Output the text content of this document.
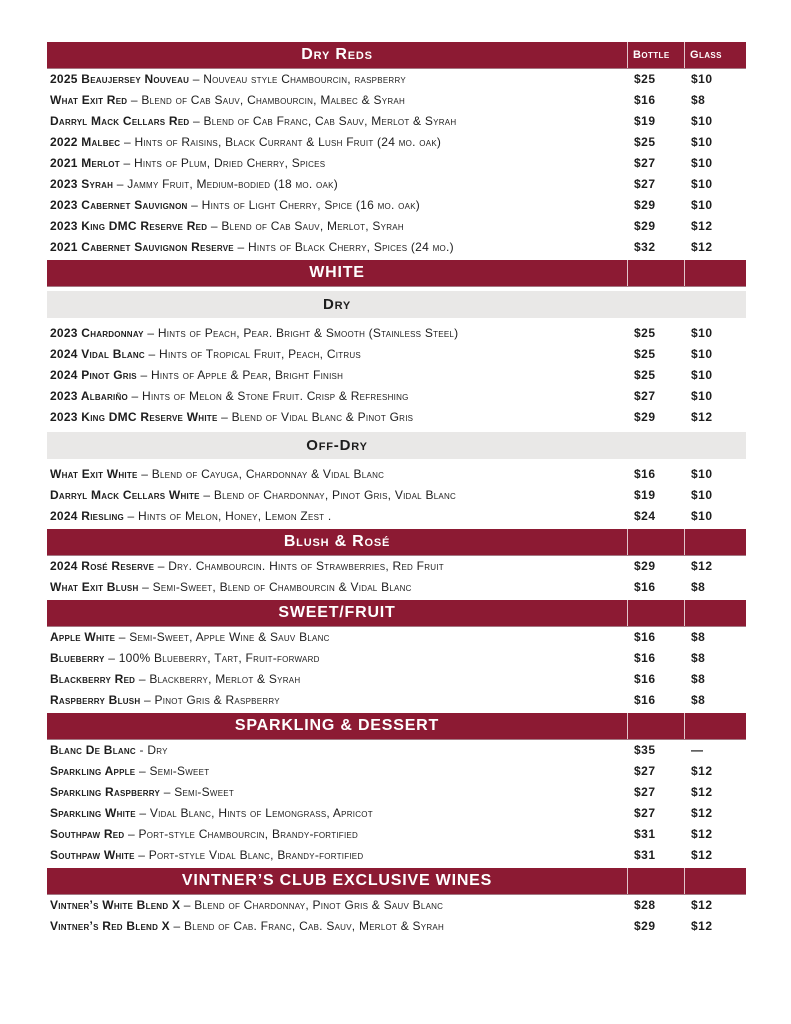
Dry Reds	Bottle	Glass
2025 Beaujersey Nouveau – Nouveau style Chambourcin, raspberry	$25	$10
What Exit Red – Blend of Cab Sauv, Chambourcin, Malbec & Syrah	$16	$8
Darryl Mack Cellars Red – Blend of Cab Franc, Cab Sauv, Merlot & Syrah	$19	$10
2022 Malbec – Hints of Raisins, Black Currant & Lush Fruit (24 mo. oak)	$25	$10
2021 Merlot – Hints of Plum, Dried Cherry, Spices	$27	$10
2023 Syrah – Jammy Fruit, Medium-bodied (18 mo. oak)	$27	$10
2023 Cabernet Sauvignon – Hints of Light Cherry, Spice (16 mo. oak)	$29	$10
2023 King DMC Reserve Red – Blend of Cab Sauv, Merlot, Syrah	$29	$12
2021 Cabernet Sauvignon Reserve – Hints of Black Cherry, Spices (24 mo.)	$32	$12
WHITE
Dry
2023 Chardonnay – Hints of Peach, Pear. Bright & Smooth (Stainless Steel)	$25	$10
2024 Vidal Blanc – Hints of Tropical Fruit, Peach, Citrus	$25	$10
2024 Pinot Gris – Hints of Apple & Pear, Bright Finish	$25	$10
2023 Albariño – Hints of Melon & Stone Fruit. Crisp & Refreshing	$27	$10
2023 King DMC Reserve White – Blend of Vidal Blanc & Pinot Gris	$29	$12
Off-Dry
What Exit White – Blend of Cayuga, Chardonnay & Vidal Blanc	$16	$10
Darryl Mack Cellars White – Blend of Chardonnay, Pinot Gris, Vidal Blanc	$19	$10
2024 Riesling – Hints of Melon, Honey, Lemon Zest .	$24	$10
Blush & Rosé
2024 Rosé Reserve – Dry. Chambourcin. Hints of Strawberries, Red Fruit	$29	$12
What Exit Blush – Semi-Sweet, Blend of Chambourcin & Vidal Blanc	$16	$8
SWEET/FRUIT
Apple White – Semi-Sweet, Apple Wine & Sauv Blanc	$16	$8
Blueberry – 100% Blueberry, Tart, Fruit-forward	$16	$8
Blackberry Red – Blackberry, Merlot & Syrah	$16	$8
Raspberry Blush – Pinot Gris & Raspberry	$16	$8
SPARKLING & DESSERT
Blanc De Blanc - Dry	$35	—
Sparkling Apple – Semi-Sweet	$27	$12
Sparkling Raspberry – Semi-Sweet	$27	$12
Sparkling White – Vidal Blanc, Hints of Lemongrass, Apricot	$27	$12
Southpaw Red – Port-style Chambourcin, Brandy-fortified	$31	$12
Southpaw White – Port-style Vidal Blanc, Brandy-fortified	$31	$12
VINTNER’S CLUB EXCLUSIVE WINES
Vintner’s White Blend X – Blend of Chardonnay, Pinot Gris & Sauv Blanc	$28	$12
Vintner’s Red Blend X – Blend of Cab. Franc, Cab. Sauv, Merlot & Syrah	$29	$12
